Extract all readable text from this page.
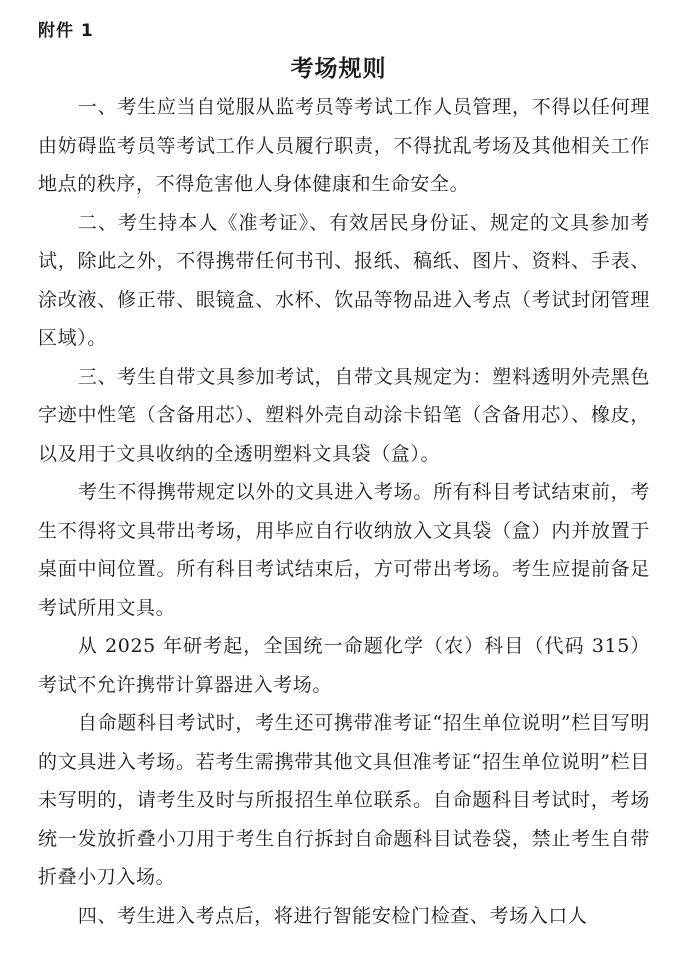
附件 1
考场规则

一、考生应当自觉服从监考员等考试工作人员管理，不得以任何理由妨碍监考员等考试工作人员履行职责，不得扰乱考场及其他相关工作地点的秩序，不得危害他人身体健康和生命安全。

二、考生持本人《准考证》、有效居民身份证、规定的文具参加考试，除此之外，不得携带任何书刊、报纸、稿纸、图片、资料、手表、涂改液、修正带、眼镜盒、水杯、饮品等物品进入考点（考试封闭管理区域）。

三、考生自带文具参加考试，自带文具规定为：塑料透明外壳黑色字迹中性笔（含备用芯）、塑料外壳自动涂卡铅笔（含备用芯）、橡皮，以及用于文具收纳的全透明塑料文具袋（盒）。

考生不得携带规定以外的文具进入考场。所有科目考试结束前，考生不得将文具带出考场，用毕应自行收纳放入文具袋（盒）内并放置于桌面中间位置。所有科目考试结束后，方可带出考场。考生应提前备足考试所用文具。

从 2025 年研考起，全国统一命题化学（农）科目（代码 315）考试不允许携带计算器进入考场。

自命题科目考试时，考生还可携带准考证“招生单位说明”栏目写明的文具进入考场。若考生需携带其他文具但准考证“招生单位说明”栏目未写明的，请考生及时与所报招生单位联系。自命题科目考试时，考场统一发放折叠小刀用于考生自行拆封自命题科目试卷袋，禁止考生自带折叠小刀入场。

四、考生进入考点后，将进行智能安检门检查、考场入口人
